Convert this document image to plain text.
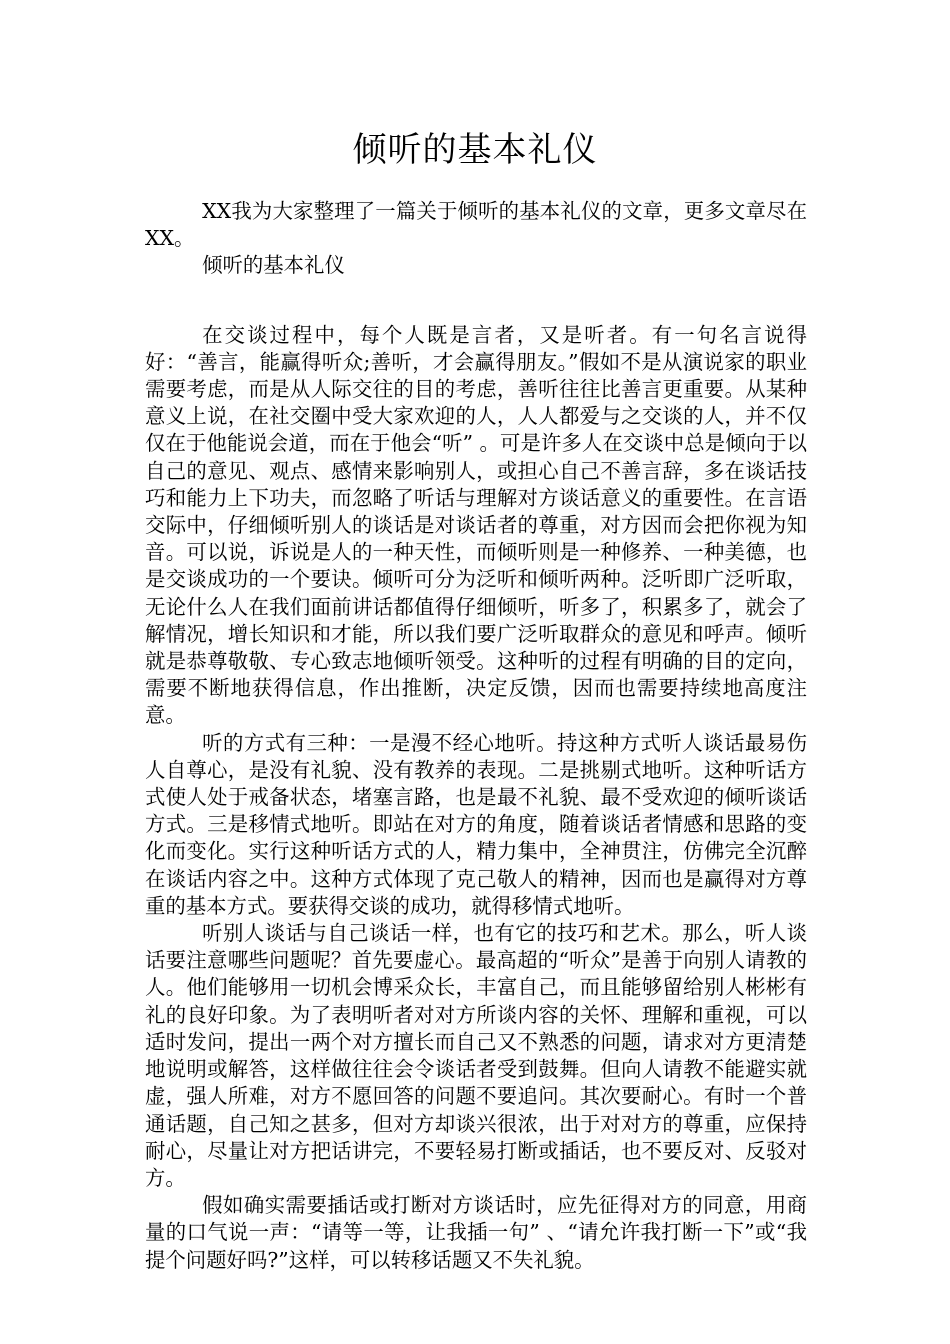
倾听的基本礼仪

XX我为大家整理了一篇关于倾听的基本礼仪的文章，更多文章尽在XX。

倾听的基本礼仪

在交谈过程中，每个人既是言者，又是听者。有一句名言说得好：“善言，能赢得听众;善听，才会赢得朋友。”假如不是从演说家的职业需要考虑，而是从人际交往的目的考虑，善听往往比善言更重要。从某种意义上说，在社交圈中受大家欢迎的人，人人都爱与之交谈的人，并不仅仅在于他能说会道，而在于他会“听” 。可是许多人在交谈中总是倾向于以自己的意见、观点、感情来影响别人，或担心自己不善言辞，多在谈话技巧和能力上下功夫，而忽略了听话与理解对方谈话意义的重要性。在言语交际中，仔细倾听别人的谈话是对谈话者的尊重，对方因而会把你视为知音。可以说，诉说是人的一种天性，而倾听则是一种修养、一种美德，也是交谈成功的一个要诀。倾听可分为泛听和倾听两种。泛听即广泛听取，无论什么人在我们面前讲话都值得仔细倾听，听多了，积累多了，就会了解情况，增长知识和才能，所以我们要广泛听取群众的意见和呼声。倾听就是恭尊敬敬、专心致志地倾听领受。这种听的过程有明确的目的定向，需要不断地获得信息，作出推断，决定反馈，因而也需要持续地高度注意。

听的方式有三种：一是漫不经心地听。持这种方式听人谈话最易伤人自尊心，是没有礼貌、没有教养的表现。二是挑剔式地听。这种听话方式使人处于戒备状态，堵塞言路，也是最不礼貌、最不受欢迎的倾听谈话方式。三是移情式地听。即站在对方的角度，随着谈话者情感和思路的变化而变化。实行这种听话方式的人，精力集中，全神贯注，仿佛完全沉醉在谈话内容之中。这种方式体现了克己敬人的精神，因而也是赢得对方尊重的基本方式。要获得交谈的成功，就得移情式地听。

听别人谈话与自己谈话一样，也有它的技巧和艺术。那么，听人谈话要注意哪些问题呢？首先要虚心。最高超的“听众”是善于向别人请教的人。他们能够用一切机会博采众长，丰富自己，而且能够留给别人彬彬有礼的良好印象。为了表明听者对对方所谈内容的关怀、理解和重视，可以适时发问，提出一两个对方擅长而自己又不熟悉的问题，请求对方更清楚地说明或解答，这样做往往会令谈话者受到鼓舞。但向人请教不能避实就虚，强人所难，对方不愿回答的问题不要追问。其次要耐心。有时一个普通话题，自己知之甚多，但对方却谈兴很浓，出于对对方的尊重，应保持耐心，尽量让对方把话讲完，不要轻易打断或插话，也不要反对、反驳对方。

假如确实需要插话或打断对方谈话时，应先征得对方的同意，用商量的口气说一声：“请等一等，让我插一句” 、“请允许我打断一下”或“我提个问题好吗?”这样，可以转移话题又不失礼貌。
